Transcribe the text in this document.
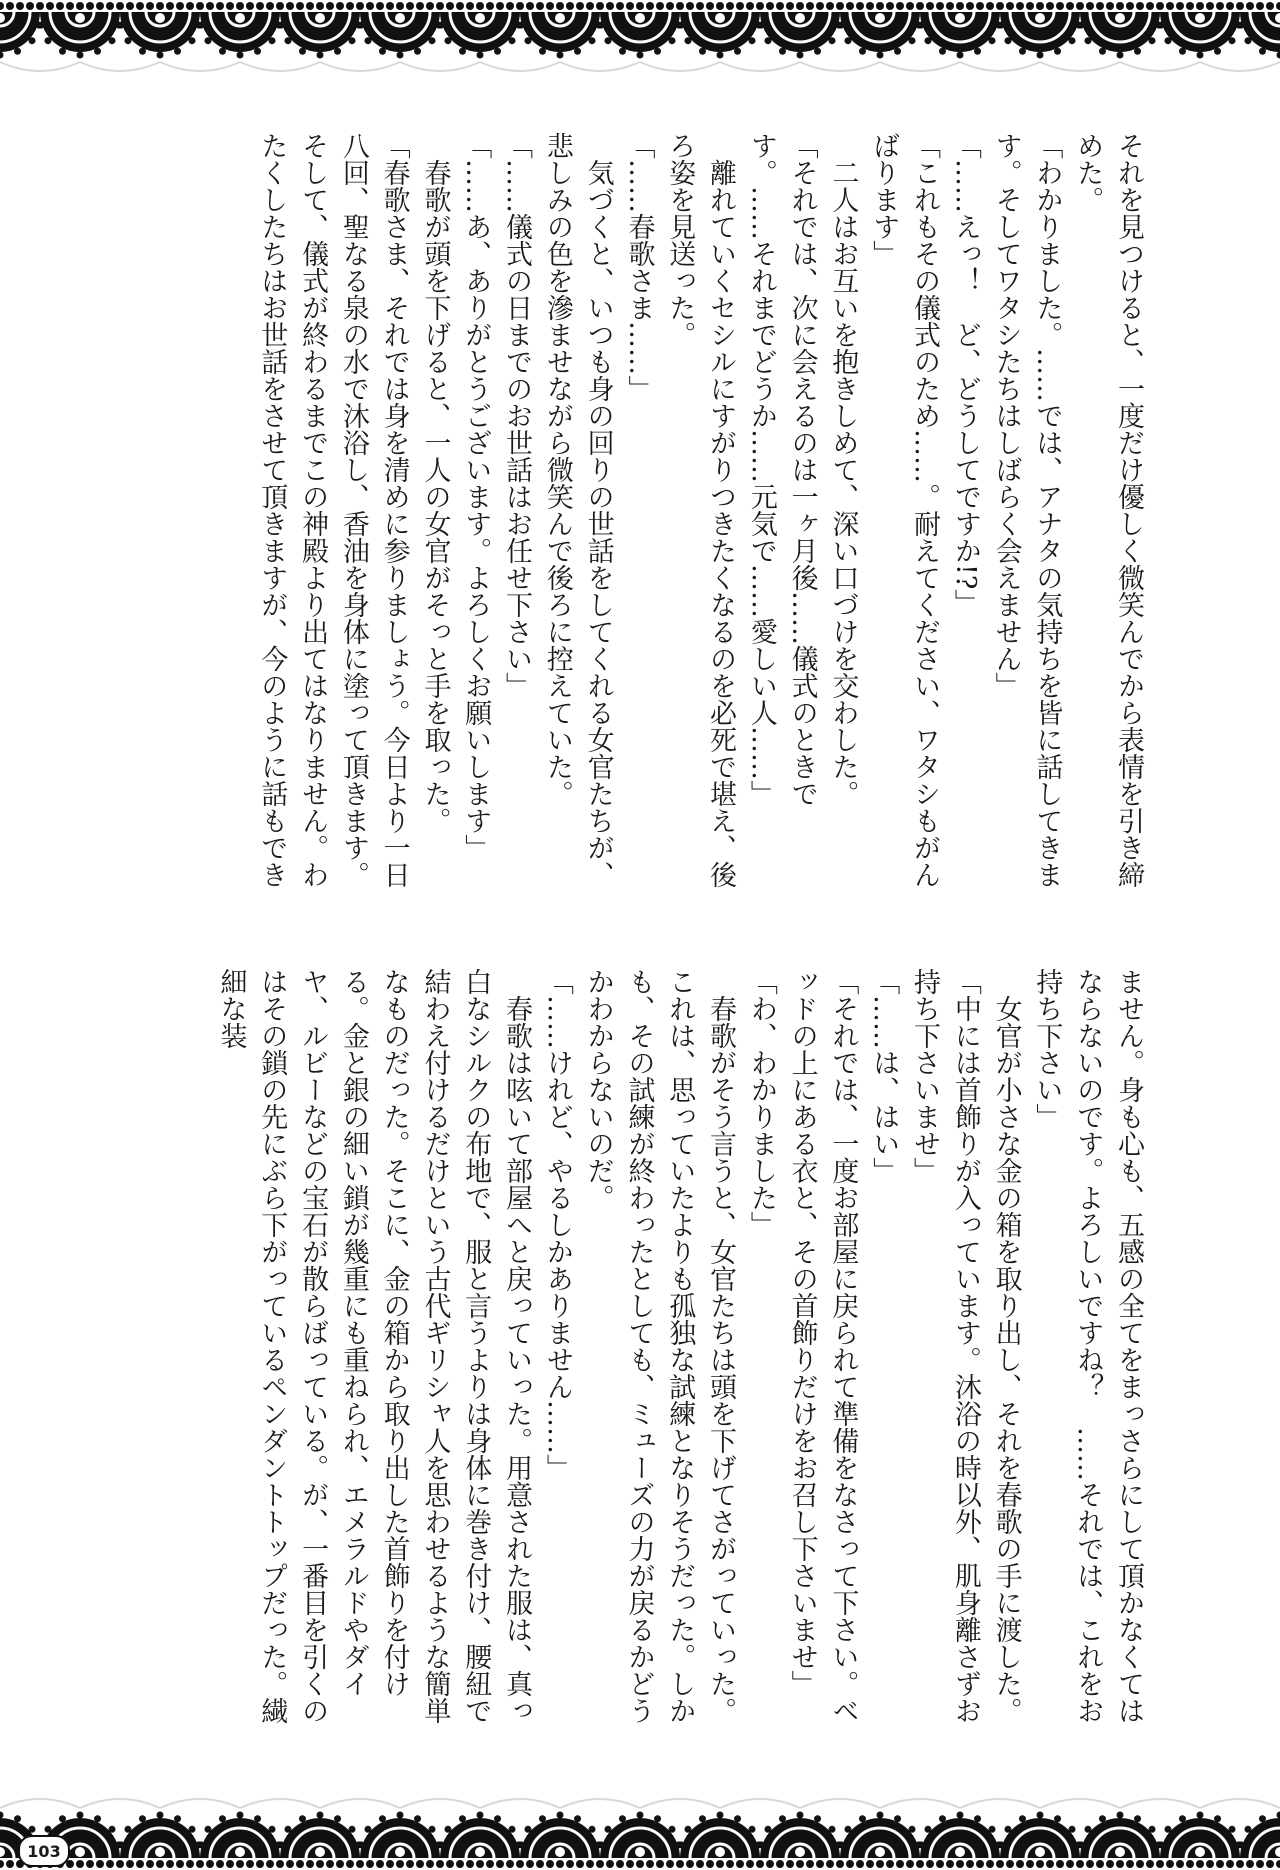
それを見つけると、一度だけ優しく微笑んでから表情を引き締めた。

「わかりました。……では、アナタの気持ちを皆に話してきます。そしてワタシたちはしばらく会えません」

「……えっ！　ど、どうしてですか!?」

「これもその儀式のため……。耐えてください、ワタシもがんばります」

　二人はお互いを抱きしめて、深い口づけを交わした。

「それでは、次に会えるのは一ヶ月後……儀式のときです。……それまでどうか……元気で……愛しい人……」

　離れていくセシルにすがりつきたくなるのを必死で堪え、後ろ姿を見送った。

「……春歌さま……」

　気づくと、いつも身の回りの世話をしてくれる女官たちが、悲しみの色を滲ませながら微笑んで後ろに控えていた。

「……儀式の日までのお世話はお任せ下さい」

「……あ、ありがとうございます。よろしくお願いします」

　春歌が頭を下げると、一人の女官がそっと手を取った。

「春歌さま、それでは身を清めに参りましょう。今日より一日八回、聖なる泉の水で沐浴し、香油を身体に塗って頂きます。そして、儀式が終わるまでこの神殿より出てはなりません。わたくしたちはお世話をさせて頂きますが、今のように話もでき

ません。身も心も、五感の全てをまっさらにして頂かなくてはならないのです。よろしいですね？　……それでは、これをお持ち下さい」

　女官が小さな金の箱を取り出し、それを春歌の手に渡した。

「中には首飾りが入っています。沐浴の時以外、肌身離さずお持ち下さいませ」

「……は、はい」

「それでは、一度お部屋に戻られて準備をなさって下さい。ベッドの上にある衣と、その首飾りだけをお召し下さいませ」

「わ、わかりました」

　春歌がそう言うと、女官たちは頭を下げてさがっていった。これは、思っていたよりも孤独な試練となりそうだった。しかも、その試練が終わったとしても、ミューズの力が戻るかどうかわからないのだ。

「……けれど、やるしかありません……」

　春歌は呟いて部屋へと戻っていった。用意された服は、真っ白なシルクの布地で、服と言うよりは身体に巻き付け、腰紐で結わえ付けるだけという古代ギリシャ人を思わせるような簡単なものだった。そこに、金の箱から取り出した首飾りを付ける。金と銀の細い鎖が幾重にも重ねられ、エメラルドやダイヤ、ルビーなどの宝石が散らばっている。が、一番目を引くのはその鎖の先にぶら下がっているペンダントトップだった。繊細な装

103
